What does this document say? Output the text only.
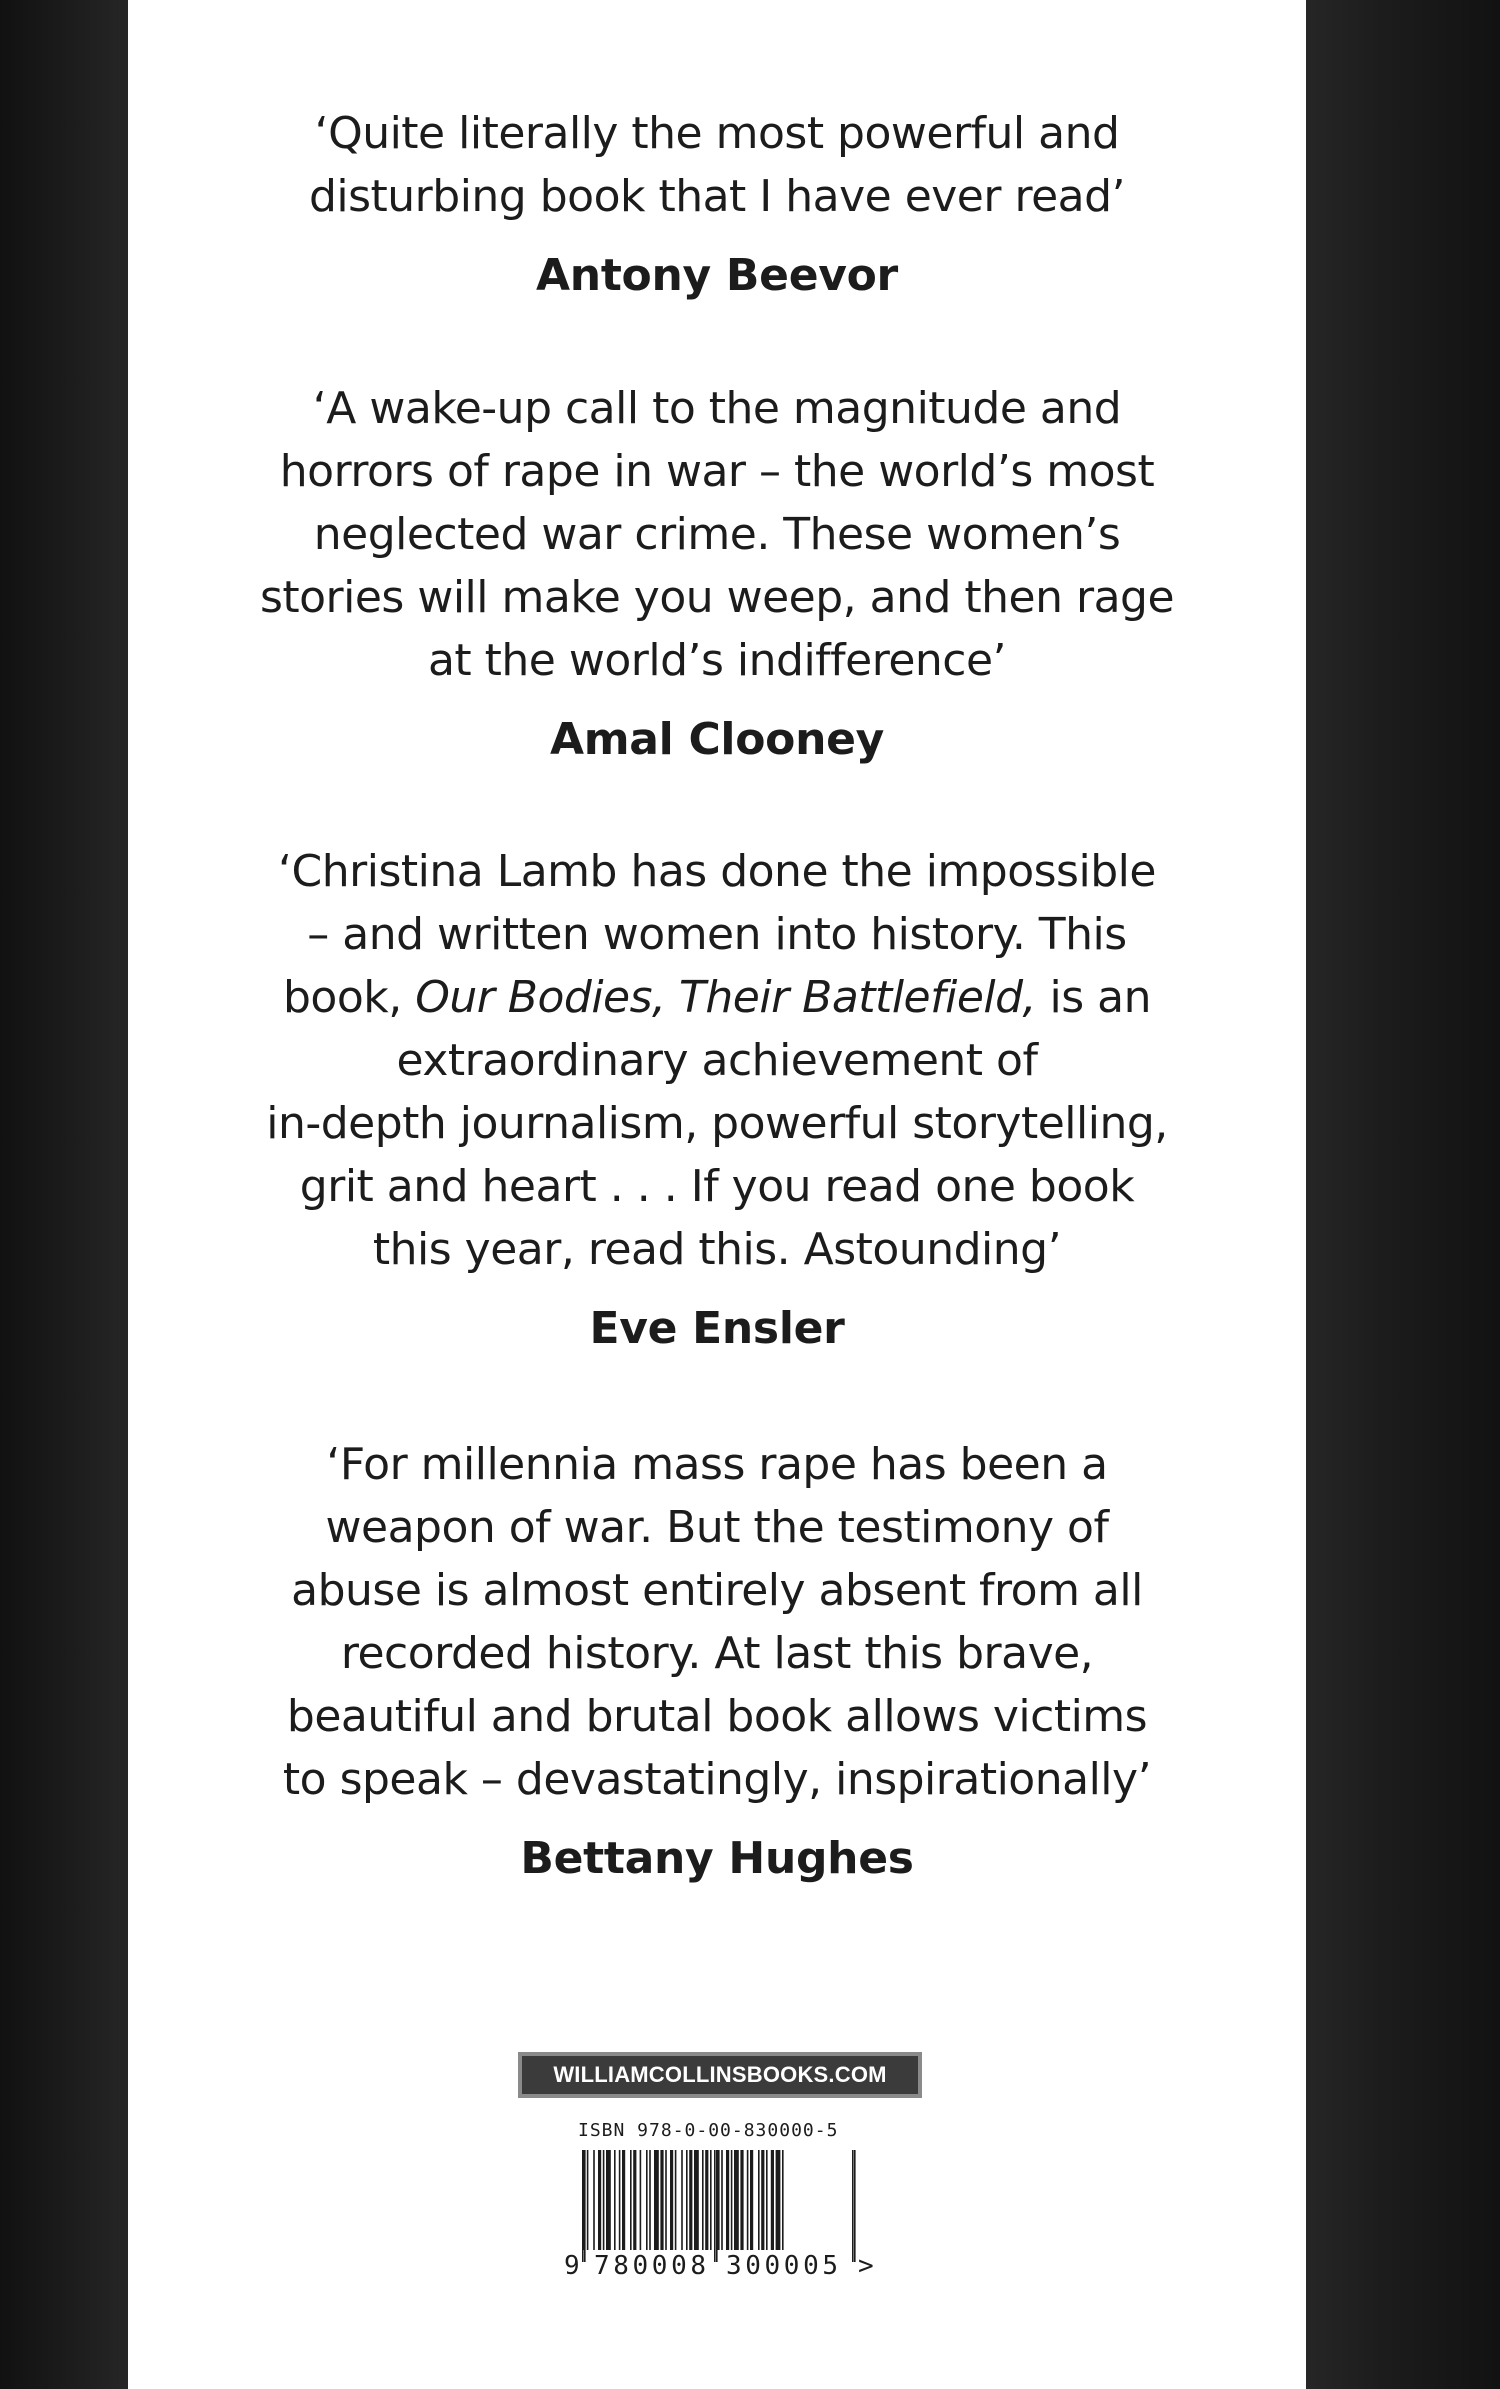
‘Quite literally the most powerful and
disturbing book that I have ever read’

Antony Beevor

‘A wake-up call to the magnitude and
horrors of rape in war – the world’s most
neglected war crime. These women’s
stories will make you weep, and then rage
at the world’s indifference’

Amal Clooney

‘Christina Lamb has done the impossible
– and written women into history. This
book, Our Bodies, Their Battlefield, is an
extraordinary achievement of
in-depth journalism, powerful storytelling,
grit and heart . . . If you read one book
this year, read this. Astounding’

Eve Ensler

‘For millennia mass rape has been a
weapon of war. But the testimony of
abuse is almost entirely absent from all
recorded history. At last this brave,
beautiful and brutal book allows victims
to speak – devastatingly, inspirationally’

Bettany Hughes
WILLIAMCOLLINSBOOKS.COM
ISBN 978-0-00-830000-5
9 780008 300005 >
